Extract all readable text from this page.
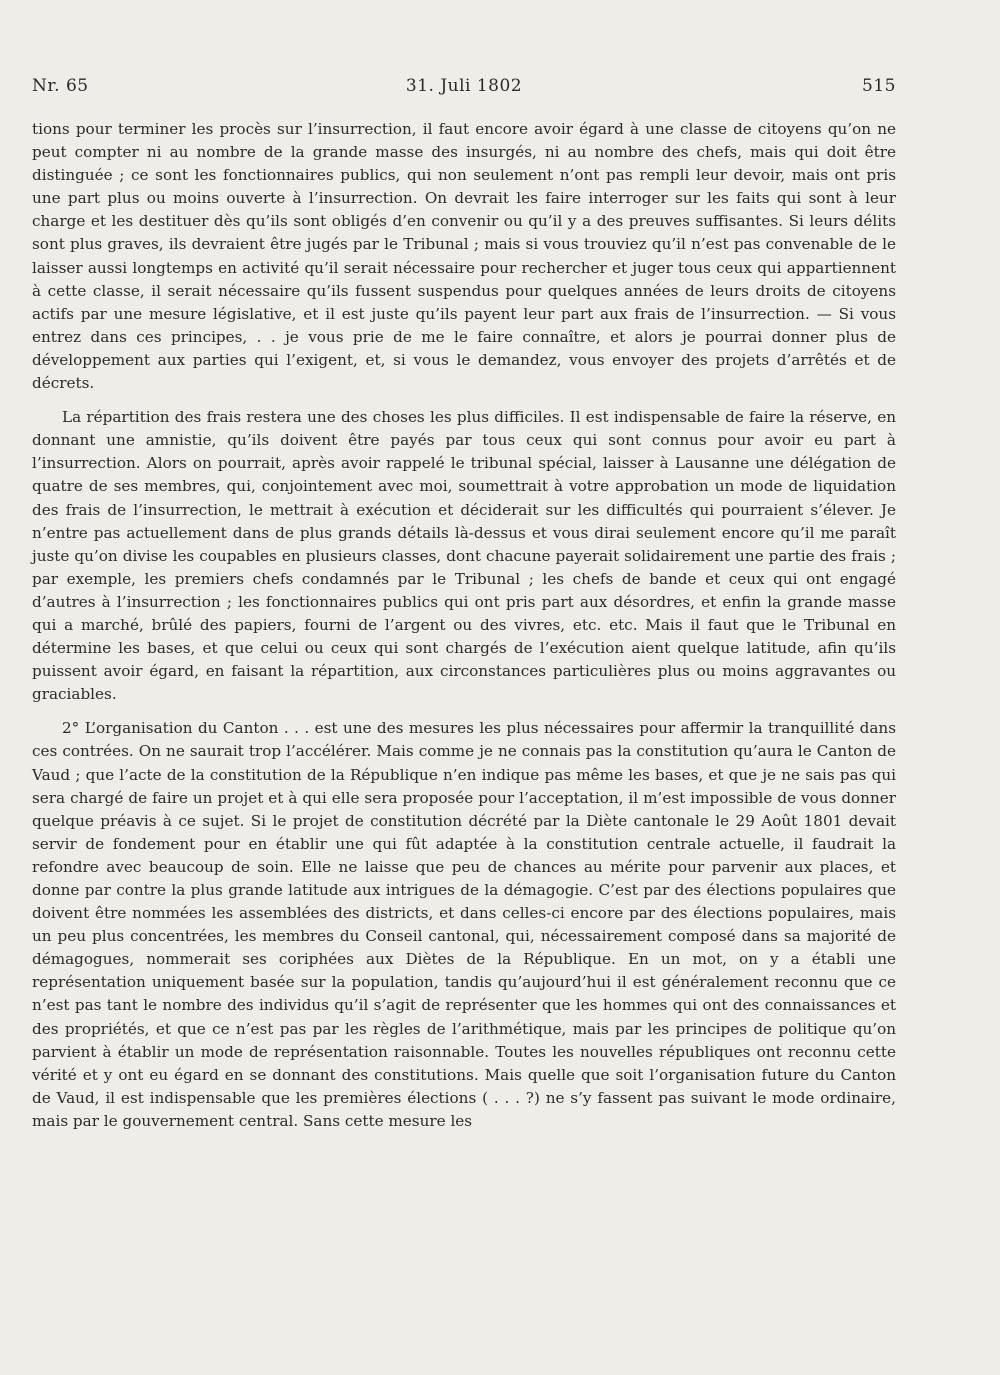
Nr. 65	31. Juli 1802	515

tions pour terminer les procès sur l’insurrection, il faut encore avoir égard à une classe de citoyens qu’on ne peut compter ni au nombre de la grande masse des insurgés, ni au nombre des chefs, mais qui doit être distinguée ; ce sont les fonctionnaires publics, qui non seulement n’ont pas rempli leur devoir, mais ont pris une part plus ou moins ouverte à l’insurrection. On devrait les faire interroger sur les faits qui sont à leur charge et les destituer dès qu’ils sont obligés d’en convenir ou qu’il y a des preuves suffisantes. Si leurs délits sont plus graves, ils devraient être jugés par le Tribunal ; mais si vous trouviez qu’il n’est pas convenable de le laisser aussi longtemps en activité qu’il serait nécessaire pour rechercher et juger tous ceux qui appartiennent à cette classe, il serait nécessaire qu’ils fussent suspendus pour quelques années de leurs droits de citoyens actifs par une mesure législative, et il est juste qu’ils payent leur part aux frais de l’insurrection. — Si vous entrez dans ces principes, . . je vous prie de me le faire connaître, et alors je pourrai donner plus de développement aux parties qui l’exigent, et, si vous le demandez, vous envoyer des projets d’arrêtés et de décrets.

La répartition des frais restera une des choses les plus difficiles. Il est indispensable de faire la réserve, en donnant une amnistie, qu’ils doivent être payés par tous ceux qui sont connus pour avoir eu part à l’insurrection. Alors on pourrait, après avoir rappelé le tribunal spécial, laisser à Lausanne une délégation de quatre de ses membres, qui, conjointement avec moi, soumettrait à votre approbation un mode de liquidation des frais de l’insurrection, le mettrait à exécution et déciderait sur les difficultés qui pourraient s’élever. Je n’entre pas actuellement dans de plus grands détails là-dessus et vous dirai seulement encore qu’il me paraît juste qu’on divise les coupables en plusieurs classes, dont chacune payerait solidairement une partie des frais ; par exemple, les premiers chefs condamnés par le Tribunal ; les chefs de bande et ceux qui ont engagé d’autres à l’insurrection ; les fonctionnaires publics qui ont pris part aux désordres, et enfin la grande masse qui a marché, brûlé des papiers, fourni de l’argent ou des vivres, etc. etc. Mais il faut que le Tribunal en détermine les bases, et que celui ou ceux qui sont chargés de l’exécution aient quelque latitude, afin qu’ils puissent avoir égard, en faisant la répartition, aux circonstances particulières plus ou moins aggravantes ou graciables.

2° L’organisation du Canton . . . est une des mesures les plus nécessaires pour affermir la tranquillité dans ces contrées. On ne saurait trop l’accélérer. Mais comme je ne connais pas la constitution qu’aura le Canton de Vaud ; que l’acte de la constitution de la République n’en indique pas même les bases, et que je ne sais pas qui sera chargé de faire un projet et à qui elle sera proposée pour l’acceptation, il m’est impossible de vous donner quelque préavis à ce sujet. Si le projet de constitution décrété par la Diète cantonale le 29 Août 1801 devait servir de fondement pour en établir une qui fût adaptée à la constitution centrale actuelle, il faudrait la refondre avec beaucoup de soin. Elle ne laisse que peu de chances au mérite pour parvenir aux places, et donne par contre la plus grande latitude aux intrigues de la démagogie. C’est par des élections populaires que doivent être nommées les assemblées des districts, et dans celles-ci encore par des élections populaires, mais un peu plus concentrées, les membres du Conseil cantonal, qui, nécessairement composé dans sa majorité de démagogues, nommerait ses coriphées aux Diètes de la République. En un mot, on y a établi une représentation uniquement basée sur la population, tandis qu’aujourd’hui il est généralement reconnu que ce n’est pas tant le nombre des individus qu’il s’agit de représenter que les hommes qui ont des connaissances et des propriétés, et que ce n’est pas par les règles de l’arithmétique, mais par les principes de politique qu’on parvient à établir un mode de représentation raisonnable. Toutes les nouvelles républiques ont reconnu cette vérité et y ont eu égard en se donnant des constitutions. Mais quelle que soit l’organisation future du Canton de Vaud, il est indispensable que les premières élections ( . . . ?) ne s’y fassent pas suivant le mode ordinaire, mais par le gouvernement central. Sans cette mesure les
